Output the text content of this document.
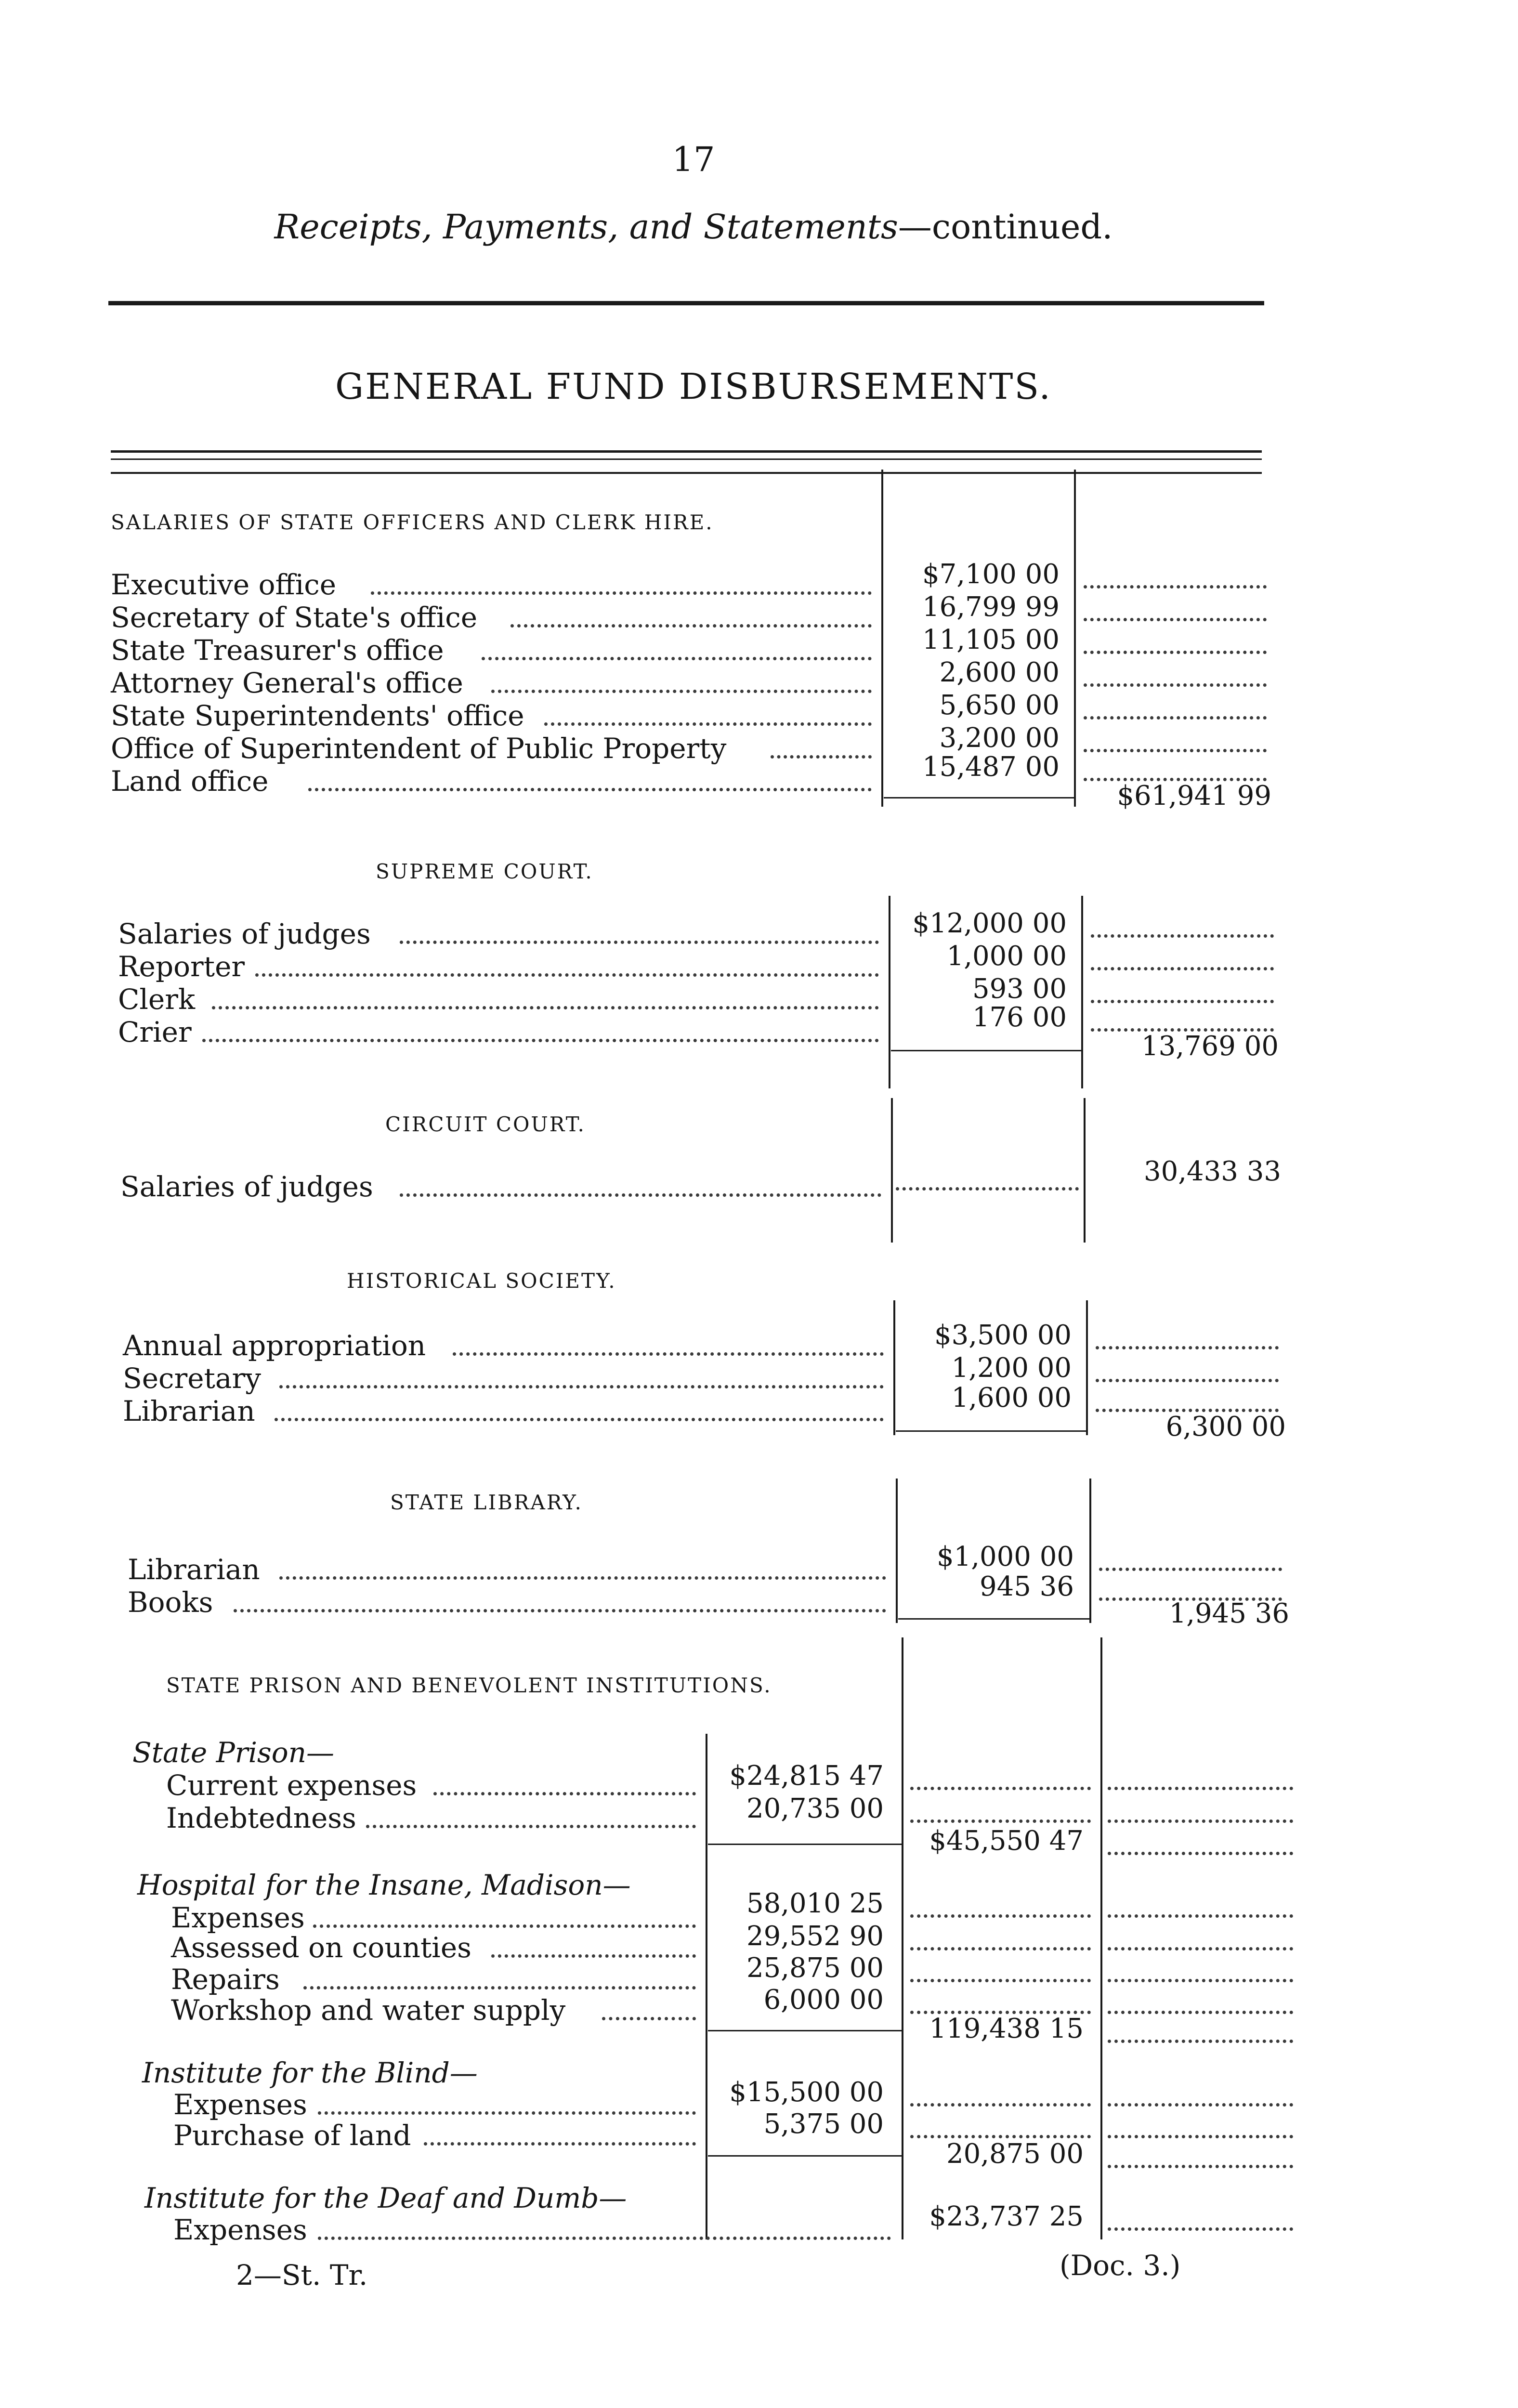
17
Receipts, Payments, and Statements—continued.
GENERAL FUND DISBURSEMENTS.
SALARIES OF STATE OFFICERS AND CLERK HIRE.
Executive office	$7,100 00
Secretary of State's office	16,799 99
State Treasurer's office	11,105 00
Attorney General's office	2,600 00
State Superintendents' office	5,650 00
Office of Superintendent of Public Property	3,200 00
Land office	15,487 00
$61,941 99
SUPREME COURT.
Salaries of judges	$12,000 00
Reporter	1,000 00
Clerk	593 00
Crier	176 00
13,769 00
CIRCUIT COURT.
Salaries of judges	30,433 33
HISTORICAL SOCIETY.
Annual appropriation	$3,500 00
Secretary	1,200 00
Librarian	1,600 00
6,300 00
STATE LIBRARY.
Librarian	$1,000 00
Books	945 36
1,945 36
STATE PRISON AND BENEVOLENT INSTITUTIONS.
State Prison—
Current expenses	$24,815 47
Indebtedness	20,735 00
$45,550 47
Hospital for the Insane, Madison—
Expenses	58,010 25
Assessed on counties	29,552 90
Repairs	25,875 00
Workshop and water supply	6,000 00
119,438 15
Institute for the Blind—
Expenses	$15,500 00
Purchase of land	5,375 00
20,875 00
Institute for the Deaf and Dumb—
Expenses	$23,737 25
2—St. Tr.	(Doc. 3.)
